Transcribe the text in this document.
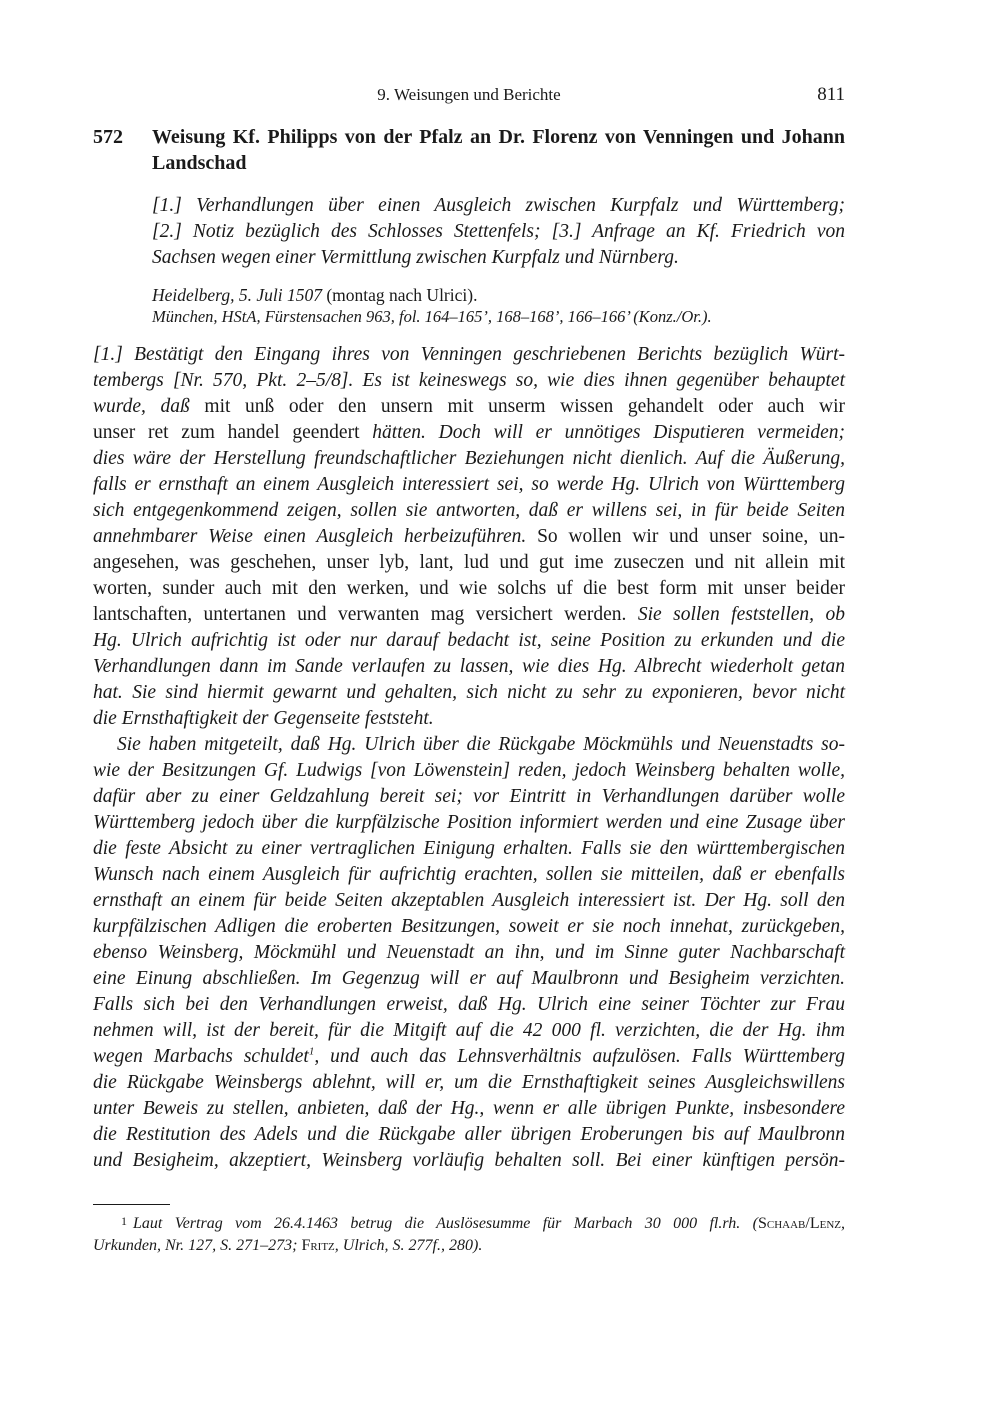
9. Weisungen und Berichte	811
572 Weisung Kf. Philipps von der Pfalz an Dr. Florenz von Venningen und Johann
Landschad
[1.] Verhandlungen über einen Ausgleich zwischen Kurpfalz und Württemberg;
[2.] Notiz bezüglich des Schlosses Stettenfels; [3.] Anfrage an Kf. Friedrich von
Sachsen wegen einer Vermittlung zwischen Kurpfalz und Nürnberg.
Heidelberg, 5. Juli 1507 (montag nach Ulrici).
München, HStA, Fürstensachen 963, fol. 164–165’, 168–168’, 166–166’ (Konz./Or.).
[1.] Bestätigt den Eingang ihres von Venningen geschriebenen Berichts bezüglich Würt-
tembergs [Nr. 570, Pkt. 2–5/8]. Es ist keineswegs so, wie dies ihnen gegenüber behauptet
wurde, daß mit unß oder den unsern mit unserm wissen gehandelt oder auch wir
unser ret zum handel geendert hätten. Doch will er unnötiges Disputieren vermeiden;
dies wäre der Herstellung freundschaftlicher Beziehungen nicht dienlich. Auf die Äußerung,
falls er ernsthaft an einem Ausgleich interessiert sei, so werde Hg. Ulrich von Württemberg
sich entgegenkommend zeigen, sollen sie antworten, daß er willens sei, in für beide Seiten
annehmbarer Weise einen Ausgleich herbeizuführen. So wollen wir und unser soine, un-
angesehen, was geschehen, unser lyb, lant, lud und gut ime zuseczen und nit allein mit
worten, sunder auch mit den werken, und wie solchs uf die best form mit unser beider
lantschaften, untertanen und verwanten mag versichert werden. Sie sollen feststellen, ob
Hg. Ulrich aufrichtig ist oder nur darauf bedacht ist, seine Position zu erkunden und die
Verhandlungen dann im Sande verlaufen zu lassen, wie dies Hg. Albrecht wiederholt getan
hat. Sie sind hiermit gewarnt und gehalten, sich nicht zu sehr zu exponieren, bevor nicht
die Ernsthaftigkeit der Gegenseite feststeht.
Sie haben mitgeteilt, daß Hg. Ulrich über die Rückgabe Möckmühls und Neuenstadts so-
wie der Besitzungen Gf. Ludwigs [von Löwenstein] reden, jedoch Weinsberg behalten wolle,
dafür aber zu einer Geldzahlung bereit sei; vor Eintritt in Verhandlungen darüber wolle
Württemberg jedoch über die kurpfälzische Position informiert werden und eine Zusage über
die feste Absicht zu einer vertraglichen Einigung erhalten. Falls sie den württembergischen
Wunsch nach einem Ausgleich für aufrichtig erachten, sollen sie mitteilen, daß er ebenfalls
ernsthaft an einem für beide Seiten akzeptablen Ausgleich interessiert ist. Der Hg. soll den
kurpfälzischen Adligen die eroberten Besitzungen, soweit er sie noch innehat, zurückgeben,
ebenso Weinsberg, Möckmühl und Neuenstadt an ihn, und im Sinne guter Nachbarschaft
eine Einung abschließen. Im Gegenzug will er auf Maulbronn und Besigheim verzichten.
Falls sich bei den Verhandlungen erweist, daß Hg. Ulrich eine seiner Töchter zur Frau
nehmen will, ist der bereit, für die Mitgift auf die 42 000 fl. verzichten, die der Hg. ihm
wegen Marbachs schuldet$^1$, und auch das Lehnsverhältnis aufzulösen. Falls Württemberg
die Rückgabe Weinsbergs ablehnt, will er, um die Ernsthaftigkeit seines Ausgleichswillens
unter Beweis zu stellen, anbieten, daß der Hg., wenn er alle übrigen Punkte, insbesondere
die Restitution des Adels und die Rückgabe aller übrigen Eroberungen bis auf Maulbronn
und Besigheim, akzeptiert, Weinsberg vorläufig behalten soll. Bei einer künftigen persön-
1 Laut Vertrag vom 26.4.1463 betrug die Auslösesumme für Marbach 30 000 fl.rh. (Schaab/Lenz,
Urkunden, Nr. 127, S. 271–273; Fritz, Ulrich, S. 277f., 280).
